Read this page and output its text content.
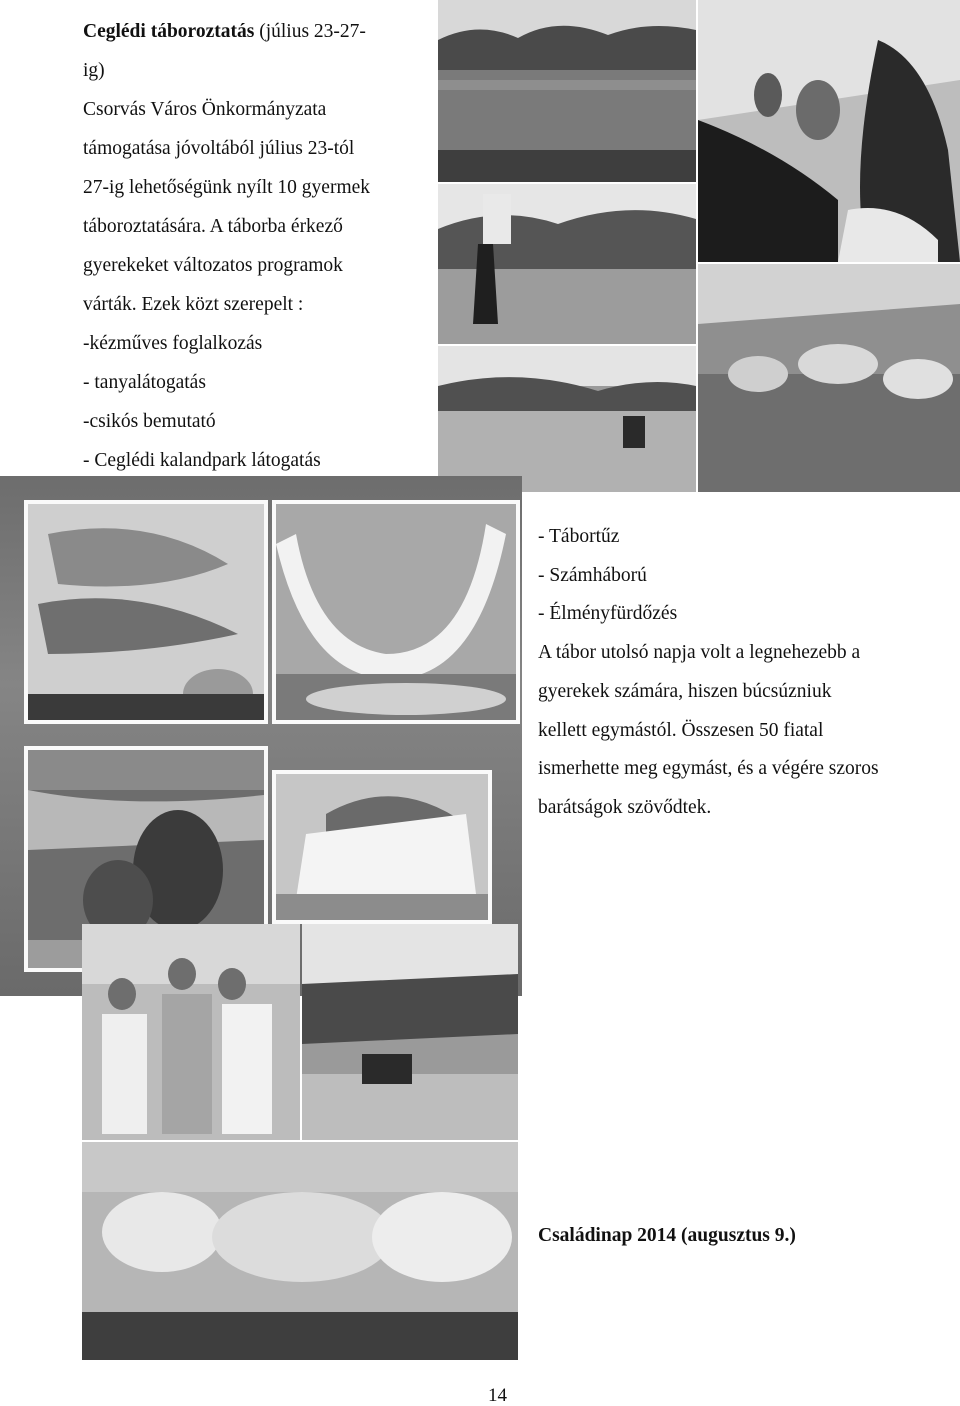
Ceglédi táboroztatás (július 23-27-

ig)

Csorvás Város Önkormányzata

támogatása jóvoltából július 23-tól

27-ig lehetőségünk nyílt 10 gyermek

táboroztatására. A táborba érkező

gyerekeket változatos programok

várták. Ezek közt szerepelt :

-kézműves foglalkozás

- tanyalátogatás

-csikós bemutató

- Ceglédi kalandpark látogatás

- Tábortűz

- Számháború

- Élményfürdőzés

A tábor utolsó napja volt a legnehezebb a

gyerekek számára, hiszen búcsúzniuk

kellett egymástól. Összesen 50 fiatal

ismerhette meg egymást, és a végére szoros

barátságok szövődtek.

Családinap 2014 (augusztus 9.)
14
